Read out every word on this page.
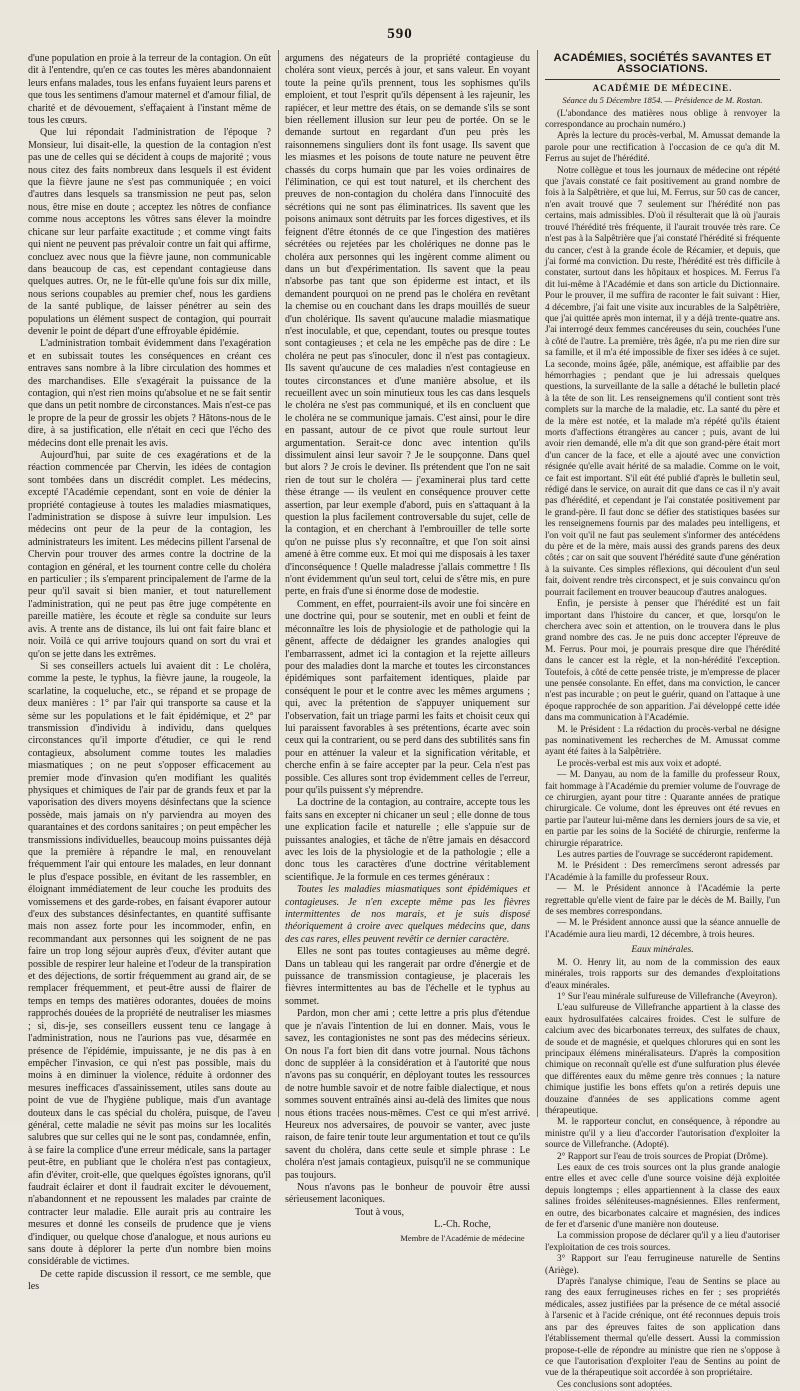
590

d'une population en proie à la terreur de la contagion. On eût dit à l'entendre, qu'en ce cas toutes les mères abandonnaient leurs enfans malades, tous les enfans fuyaient leurs parens et que tous les sentimens d'amour maternel et d'amour filial, de charité et de dévouement, s'effaçaient à l'instant même de tous les cœurs.

Que lui répondait l'administration de l'époque ? Monsieur, lui disait-elle, la question de la contagion n'est pas une de celles qui se décident à coups de majorité ; vous nous citez des faits nombreux dans lesquels il est évident que la fièvre jaune ne s'est pas communiquée ; en voici d'autres dans lesquels sa transmission ne peut pas, selon nous, être mise en doute ; acceptez les nôtres de confiance comme nous acceptons les vôtres sans élever la moindre chicane sur leur parfaite exactitude ; et comme vingt faits qui nient ne peuvent pas prévaloir contre un fait qui affirme, concluez avec nous que la fièvre jaune, non communicable dans beaucoup de cas, est cependant contagieuse dans quelques autres. Or, ne le fût-elle qu'une fois sur dix mille, nous serions coupables au premier chef, nous les gardiens de la santé publique, de laisser pénétrer au sein des populations un élément suspect de contagion, qui pourrait devenir le point de départ d'une effroyable épidémie.

L'administration tombait évidemment dans l'exagération et en subissait toutes les conséquences en créant ces entraves sans nombre à la libre circulation des hommes et des marchandises. Elle s'exagérait la puissance de la contagion, qui n'est rien moins qu'absolue et ne se fait sentir que dans un petit nombre de circonstances. Mais n'est-ce pas le propre de la peur de grossir les objets ? Hâtons-nous de le dire, à sa justification, elle n'était en ceci que l'écho des médecins dont elle prenait les avis.

Aujourd'hui, par suite de ces exagérations et de la réaction commencée par Chervin, les idées de contagion sont tombées dans un discrédit complet. Les médecins, excepté l'Académie cependant, sont en voie de dénier la propriété contagieuse à toutes les maladies miasmatiques, l'administration se dispose à suivre leur impulsion. Les médecins ont peur de la peur de la contagion, les administrateurs les imitent. Les médecins pillent l'arsenal de Chervin pour trouver des armes contre la doctrine de la contagion en général, et les tournent contre celle du choléra en particulier ; ils s'emparent principalement de l'arme de la peur qu'il savait si bien manier, et tout naturellement l'administration, qui ne peut pas être juge compétente en pareille matière, les écoute et règle sa conduite sur leurs avis. A trente ans de distance, ils lui ont fait faire blanc et noir. Voilà ce qui arrive toujours quand on sort du vrai et qu'on se jette dans les extrêmes.

Si ses conseillers actuels lui avaient dit : Le choléra, comme la peste, le typhus, la fièvre jaune, la rougeole, la scarlatine, la coqueluche, etc., se répand et se propage de deux manières : 1° par l'air qui transporte sa cause et la sème sur les populations et le fait épidémique, et 2° par transmission d'individu à individu, dans quelques circonstances qu'il importe d'étudier, ce qui le rend contagieux, absolument comme toutes les maladies miasmatiques ; on ne peut s'opposer efficacement au premier mode d'invasion qu'en modifiant les qualités physiques et chimiques de l'air par de grands feux et par la vaporisation des divers moyens désinfectans que la science possède, mais jamais on n'y parviendra au moyen des quarantaines et des cordons sanitaires ; on peut empêcher les transmissions individuelles, beaucoup moins puissantes déjà que la première à répandre le mal, en renouvelant fréquemment l'air qui entoure les malades, en leur donnant le plus d'espace possible, en évitant de les rassembler, en éloignant immédiatement de leur couche les produits des vomissemens et des garde-robes, en faisant évaporer autour d'eux des substances désinfectantes, en quantité suffisante mais non assez forte pour les incommoder, enfin, en recommandant aux personnes qui les soignent de ne pas faire un trop long séjour auprès d'eux, d'éviter autant que possible de respirer leur haleine et l'odeur de la transpiration et des déjections, de sortir fréquemment au grand air, de se remplacer fréquemment, et peut-être aussi de flairer de temps en temps des matières odorantes, douées de moins rapprochés douées de la propriété de neutraliser les miasmes ; si, dis-je, ses conseillers eussent tenu ce langage à l'administration, nous ne l'aurions pas vue, désarmée en présence de l'épidémie, impuissante, je ne dis pas à en empêcher l'invasion, ce qui n'est pas possible, mais du moins à en diminuer la violence, réduite à ordonner des mesures inefficaces d'assainissement, utiles sans doute au point de vue de l'hygiène publique, mais d'un avantage douteux dans le cas spécial du choléra, puisque, de l'aveu général, cette maladie ne sévit pas moins sur les localités salubres que sur celles qui ne le sont pas, condamnée, enfin, à se faire la complice d'une erreur médicale, sans la partager peut-être, en publiant que le choléra n'est pas contagieux, afin d'éviter, croit-elle, que quelques égoïstes ignorans, qu'il faudrait éclairer et dont il faudrait exciter le dévouement, n'abandonnent et ne repoussent les malades par crainte de contracter leur maladie. Elle aurait pris au contraire les mesures et donné les conseils de prudence que je viens d'indiquer, ou quelque chose d'analogue, et nous aurions eu sans doute à déplorer la perte d'un nombre bien moins considérable de victimes.

De cette rapide discussion il ressort, ce me semble, que les

argumens des négateurs de la propriété contagieuse du choléra sont vieux, percés à jour, et sans valeur. En voyant toute la peine qu'ils prennent, tous les sophismes qu'ils emploient, et tout l'esprit qu'ils dépensent à les rajeunir, les rapiécer, et leur mettre des étais, on se demande s'ils se sont bien réellement illusion sur leur peu de portée. On se le demande surtout en regardant d'un peu près les raisonnemens singuliers dont ils font usage. Ils savent que les miasmes et les poisons de toute nature ne peuvent être chassés du corps humain que par les voies ordinaires de l'élimination, ce qui est tout naturel, et ils cherchent des preuves de non-contagion du choléra dans l'innocuité des sécrétions qui ne sont pas éliminatrices. Ils savent que les poisons animaux sont détruits par les forces digestives, et ils feignent d'être étonnés de ce que l'ingestion des matières sécrétées ou rejetées par les cholériques ne donne pas le choléra aux personnes qui les ingèrent comme aliment ou dans un but d'expérimentation. Ils savent que la peau n'absorbe pas tant que son épiderme est intact, et ils demandent pourquoi on ne prend pas le choléra en revêtant la chemise ou en couchant dans les draps mouillés de sueur d'un cholérique. Ils savent qu'aucune maladie miasmatique n'est inoculable, et que, cependant, toutes ou presque toutes sont contagieuses ; et cela ne les empêche pas de dire : Le choléra ne peut pas s'inoculer, donc il n'est pas contagieux. Ils savent qu'aucune de ces maladies n'est contagieuse en toutes circonstances et d'une manière absolue, et ils recueillent avec un soin minutieux tous les cas dans lesquels le choléra ne s'est pas communiqué, et ils en concluent que le choléra ne se communique jamais. C'est ainsi, pour le dire en passant, autour de ce pivot que roule surtout leur argumentation. Serait-ce donc avec intention qu'ils dissimulent ainsi leur savoir ? Je le soupçonne. Dans quel but alors ? Je crois le deviner. Ils prétendent que l'on ne sait rien de tout sur le choléra — j'examinerai plus tard cette thèse étrange — ils veulent en conséquence prouver cette assertion, par leur exemple d'abord, puis en s'attaquant à la question la plus facilement controversable du sujet, celle de la contagion, et en cherchant à l'embrouiller de telle sorte qu'on ne puisse plus s'y reconnaître, et que l'on soit ainsi amené à être comme eux. Et moi qui me disposais à les taxer d'inconséquence ! Quelle maladresse j'allais commettre ! Ils n'ont évidemment qu'un seul tort, celui de s'être mis, en pure perte, en frais d'une si énorme dose de modestie.

Comment, en effet, pourraient-ils avoir une foi sincère en une doctrine qui, pour se soutenir, met en oubli et feint de méconnaître les lois de physiologie et de pathologie qui la gênent, affecte de dédaigner les grandes analogies qui l'embarrassent, admet ici la contagion et la rejette ailleurs pour des maladies dont la marche et toutes les circonstances épidémiques sont parfaitement identiques, plaide par conséquent le pour et le contre avec les mêmes argumens ; qui, avec la prétention de s'appuyer uniquement sur l'observation, fait un triage parmi les faits et choisit ceux qui lui paraissent favorables à ses prétentions, écarte avec soin ceux qui la contrarient, ou se perd dans des subtilités sans fin pour en atténuer la valeur et la signification véritable, et cherche enfin à se faire accepter par la peur. Cela n'est pas possible. Ces allures sont trop évidemment celles de l'erreur, pour qu'ils puissent s'y méprendre.

La doctrine de la contagion, au contraire, accepte tous les faits sans en excepter ni chicaner un seul ; elle donne de tous une explication facile et naturelle ; elle s'appuie sur de puissantes analogies, et tâche de n'être jamais en désaccord avec les lois de la physiologie et de la pathologie ; elle a donc tous les caractères d'une doctrine véritablement scientifique. Je la formule en ces termes généraux :

Toutes les maladies miasmatiques sont épidémiques et contagieuses. Je n'en excepte même pas les fièvres intermittentes de nos marais, et je suis disposé théoriquement à croire avec quelques médecins que, dans des cas rares, elles peuvent revêtir ce dernier caractère.

Elles ne sont pas toutes contagieuses au même degré. Dans un tableau qui les rangerait par ordre d'énergie et de puissance de transmission contagieuse, je placerais les fièvres intermittentes au bas de l'échelle et le typhus au sommet.

Pardon, mon cher ami ; cette lettre a pris plus d'étendue que je n'avais l'intention de lui en donner. Mais, vous le savez, les contagionistes ne sont pas des médecins sérieux. On nous l'a fort bien dit dans votre journal. Nous tâchons donc de suppléer à la considération et à l'autorité que nous n'avons pas su conquérir, en déployant toutes les ressources de notre humble savoir et de notre faible dialectique, et nous sommes souvent entraînés ainsi au-delà des limites que nous nous étions tracées nous-mêmes. C'est ce qui m'est arrivé. Heureux nos adversaires, de pouvoir se vanter, avec juste raison, de faire tenir toute leur argumentation et tout ce qu'ils savent du choléra, dans cette seule et simple phrase : Le choléra n'est jamais contagieux, puisqu'il ne se communique pas toujours.

Nous n'avons pas le bonheur de pouvoir être aussi sérieusement laconiques.

Tout à vous,

L.-Ch. Roche,
Membre de l'Académie de médecine
ACADÉMIES, SOCIÉTÉS SAVANTES ET ASSOCIATIONS.
ACADÉMIE DE MÉDECINE.
Séance du 5 Décembre 1854. — Présidence de M. Rostan.

(L'abondance des matières nous oblige à renvoyer la correspondance au prochain numéro.)

Après la lecture du procès-verbal, M. Amussat demande la parole pour une rectification à l'occasion de ce qu'a dit M. Ferrus au sujet de l'hérédité.

Notre collègue et tous les journaux de médecine ont répété que j'avais constaté ce fait positivement au grand nombre de fois à la Salpêtrière, et que lui, M. Ferrus, sur 50 cas de cancer, n'en avait trouvé que 7 seulement sur l'hérédité non pas certains, mais admissibles. D'où il résulterait que là où j'aurais trouvé l'hérédité très fréquente, il l'aurait trouvée très rare. Ce n'est pas à la Salpêtrière que j'ai constaté l'hérédité si fréquente du cancer, c'est à la grande école de Récamier, et depuis, que j'ai formé ma conviction. Du reste, l'hérédité est très difficile à constater, surtout dans les hôpitaux et hospices. M. Ferrus l'a dit lui-même à l'Académie et dans son article du Dictionnaire. Pour le prouver, il me suffira de raconter le fait suivant : Hier, 4 décembre, j'ai fait une visite aux incurables de la Salpêtrière, que j'ai quittée après mon internat, il y a déjà trente-quatre ans. J'ai interrogé deux femmes cancéreuses du sein, couchées l'une à côté de l'autre. La première, très âgée, n'a pu me rien dire sur sa famille, et il m'a été impossible de fixer ses idées à ce sujet. La seconde, moins âgée, pâle, anémique, est affaiblie par des hémorrhagies ; pendant que je lui adressais quelques questions, la surveillante de la salle a détaché le bulletin placé à la tête de son lit. Les renseignemens qu'il contient sont très complets sur la marche de la maladie, etc. La santé du père et de la mère est notée, et la malade m'a répété qu'ils étaient morts d'affections étrangères au cancer ; puis, avant de lui avoir rien demandé, elle m'a dit que son grand-père était mort d'un cancer de la face, et elle a ajouté avec une conviction résignée qu'elle avait hérité de sa maladie. Comme on le voit, ce fait est important. S'il eût été publié d'après le bulletin seul, rédigé dans le service, on aurait dit que dans ce cas il n'y avait pas d'hérédité, et cependant je l'ai constatée positivement par le grand-père. Il faut donc se défier des statistiques basées sur les renseignemens fournis par des malades peu intelligens, et l'on voit qu'il ne faut pas seulement s'informer des antécédens du père et de la mère, mais aussi des grands parens des deux côtés ; car on sait que souvent l'hérédité saute d'une génération à la suivante. Ces simples réflexions, qui découlent d'un seul fait, doivent rendre très circonspect, et je suis convaincu qu'on pourrait facilement en trouver beaucoup d'autres analogues.

Enfin, je persiste à penser que l'hérédité est un fait important dans l'histoire du cancer, et que, lorsqu'on le cherchera avec soin et attention, on le trouvera dans le plus grand nombre des cas. Je ne puis donc accepter l'épreuve de M. Ferrus. Pour moi, je pourrais presque dire que l'hérédité dans le cancer est la règle, et la non-hérédité l'exception. Toutefois, à côté de cette pensée triste, je m'empresse de placer une pensée consolante. En effet, dans ma conviction, le cancer n'est pas incurable ; on peut le guérir, quand on l'attaque à une époque rapprochée de son apparition. J'ai développé cette idée dans ma communication à l'Académie.

M. le Président : La rédaction du procès-verbal ne désigne pas nominativement les recherches de M. Amussat comme ayant été faites à la Salpêtrière.

Le procès-verbal est mis aux voix et adopté.

— M. Danyau, au nom de la famille du professeur Roux, fait hommage à l'Académie du premier volume de l'ouvrage de ce chirurgien, ayant pour titre : Quarante années de pratique chirurgicale. Ce volume, dont les épreuves ont été revues en partie par l'auteur lui-même dans les derniers jours de sa vie, et en partie par les soins de la Société de chirurgie, renferme la chirurgie réparatrice.

Les autres parties de l'ouvrage se succéderont rapidement.

M. le Président : Des remercîmens seront adressés par l'Académie à la famille du professeur Roux.

— M. le Président annonce à l'Académie la perte regrettable qu'elle vient de faire par le décès de M. Bailly, l'un de ses membres correspondans.

— M. le Président annonce aussi que la séance annuelle de l'Académie aura lieu mardi, 12 décembre, à trois heures.

Eaux minérales.

M. O. Henry lit, au nom de la commission des eaux minérales, trois rapports sur des demandes d'exploitations d'eaux minérales.

1° Sur l'eau minérale sulfureuse de Villefranche (Aveyron).

L'eau sulfureuse de Villefranche appartient à la classe des eaux hydrosulfatées calcaires froides. C'est le sulfure de calcium avec des bicarbonates terreux, des sulfates de chaux, de soude et de magnésie, et quelques chlorures qui en sont les principaux élémens minéralisateurs. D'après la composition chimique on reconnaît qu'elle est d'une sulfuration plus élevée que différentes eaux du même genre très connues ; la nature chimique justifie les bons effets qu'on a retirés depuis une douzaine d'années de ses applications comme agent thérapeutique.

M. le rapporteur conclut, en conséquence, à répondre au ministre qu'il y a lieu d'accorder l'autorisation d'exploiter la source de Villefranche. (Adopté).

2° Rapport sur l'eau de trois sources de Propiat (Drôme).

Les eaux de ces trois sources ont la plus grande analogie entre elles et avec celle d'une source voisine déjà exploitée depuis longtemps ; elles appartiennent à la classe des eaux salines froides séléniteuses-magnésiennes. Elles renferment, en outre, des bicarbonates calcaire et magnésien, des indices de fer et d'arsenic d'une manière non douteuse.

La commission propose de déclarer qu'il y a lieu d'autoriser l'exploitation de ces trois sources.

3° Rapport sur l'eau ferrugineuse naturelle de Sentins (Ariège).

D'après l'analyse chimique, l'eau de Sentins se place au rang des eaux ferrugineuses riches en fer ; ses propriétés médicales, assez justifiées par la présence de ce métal associé à l'arsenic et à l'acide crénique, ont été reconnues depuis trois ans par des épreuves faites de son application dans l'établissement thermal qu'elle dessert. Aussi la commission propose-t-elle de répondre au ministre que rien ne s'oppose à ce que l'autorisation d'exploiter l'eau de Sentins au point de vue de la thérapeutique soit accordée à son propriétaire.

Ces conclusions sont adoptées.
